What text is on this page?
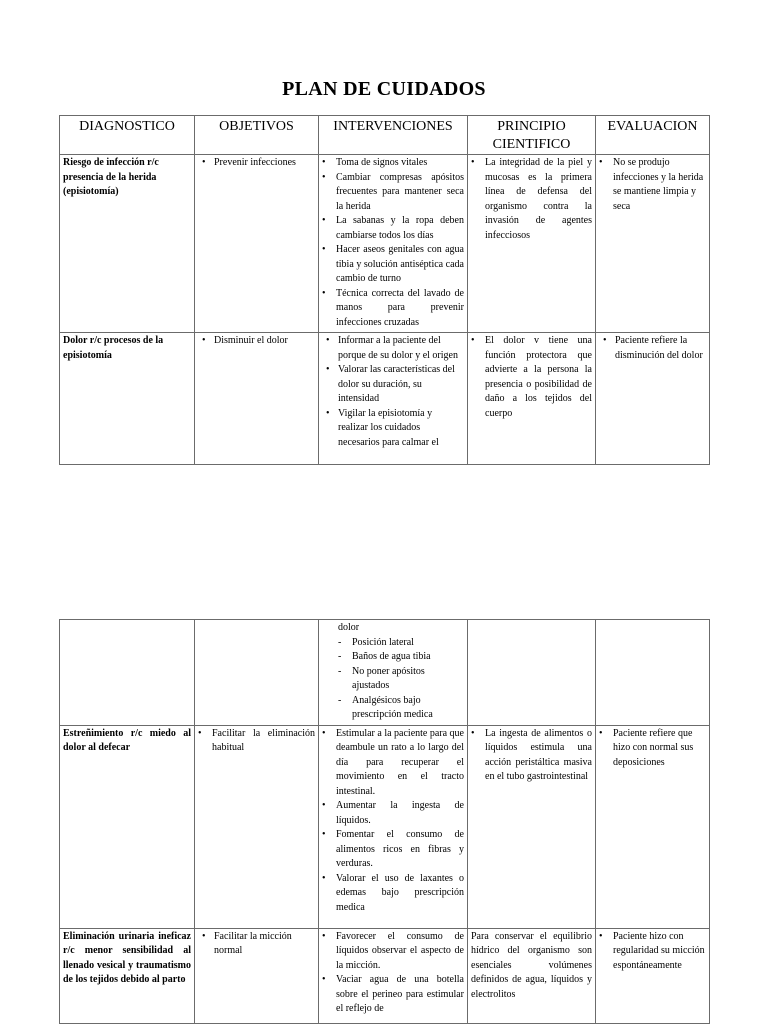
PLAN DE CUIDADOS
DIAGNOSTICO	OBJETIVOS	INTERVENCIONES	PRINCIPIO CIENTIFICO	EVALUACION

Riesgo de infección r/c presencia de la herida (episiotomía)	• Prevenir infecciones	• Toma de signos vitales
• Cambiar compresas apósitos frecuentes para mantener seca la herida
• La sabanas y la ropa deben cambiarse todos los días
• Hacer aseos genitales con agua tibia y solución antiséptica cada cambio de turno
• Técnica correcta del lavado de manos para prevenir infecciones cruzadas	• La integridad de la piel y mucosas es la primera línea de defensa del organismo contra la invasión de agentes infecciosos	• No se produjo infecciones y la herida se mantiene limpia y seca

Dolor r/c procesos de la episiotomía	• Disminuir el dolor	• Informar a la paciente del porque de su dolor y el origen
• Valorar las características del dolor su duración, su intensidad
• Vigilar la episiotomía y realizar los cuidados necesarios para calmar el	• El dolor v tiene una función protectora que advierte a la persona la presencia o posibilidad de daño a los tejidos del cuerpo	• Paciente refiere la disminución del dolor

		dolor
- Posición lateral
- Baños de agua tibia
- No poner apósitos ajustados
- Analgésicos bajo prescripción medica

Estreñimiento r/c miedo al dolor al defecar	• Facilitar la eliminación habitual	• Estimular a la paciente para que deambule un rato a lo largo del día para recuperar el movimiento en el tracto intestinal.
• Aumentar la ingesta de líquidos.
• Fomentar el consumo de alimentos ricos en fibras y verduras.
• Valorar el uso de laxantes o edemas bajo prescripción medica	• La ingesta de alimentos o líquidos estimula una acción peristáltica masiva en el tubo gastrointestinal	• Paciente refiere que hizo con normal sus deposiciones

Eliminación urinaria ineficaz r/c menor sensibilidad al llenado vesical y traumatismo de los tejidos debido al parto	• Facilitar la micción normal	• Favorecer el consumo de líquidos observar el aspecto de la micción.
• Vaciar agua de una botella sobre el perineo para estimular el reflejo de	Para conservar el equilibrio hídrico del organismo son esenciales volúmenes definidos de agua, líquidos y electrolitos	• Paciente hizo con regularidad su micción espontáneamente
